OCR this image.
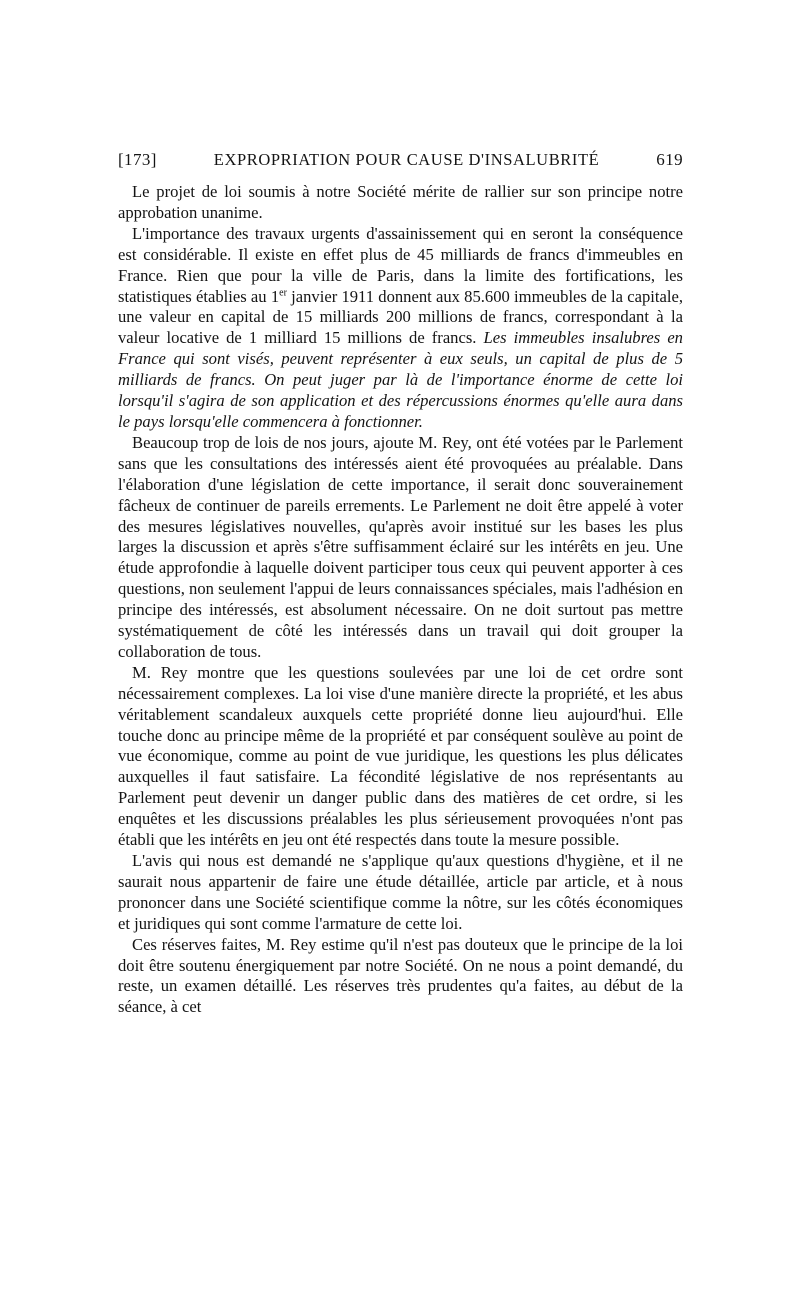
[173]	EXPROPRIATION POUR CAUSE D'INSALUBRITÉ	619

Le projet de loi soumis à notre Société mérite de rallier sur son principe notre approbation unanime.

L'importance des travaux urgents d'assainissement qui en seront la conséquence est considérable. Il existe en effet plus de 45 milliards de francs d'immeubles en France. Rien que pour la ville de Paris, dans la limite des fortifications, les statistiques établies au 1er janvier 1911 donnent aux 85.600 immeubles de la capitale, une valeur en capital de 15 milliards 200 millions de francs, correspondant à la valeur locative de 1 milliard 15 millions de francs. Les immeubles insalubres en France qui sont visés, peuvent représenter à eux seuls, un capital de plus de 5 milliards de francs. On peut juger par là de l'importance énorme de cette loi lorsqu'il s'agira de son application et des répercussions énormes qu'elle aura dans le pays lorsqu'elle commencera à fonctionner.

Beaucoup trop de lois de nos jours, ajoute M. Rey, ont été votées par le Parlement sans que les consultations des intéressés aient été provoquées au préalable. Dans l'élaboration d'une législation de cette importance, il serait donc souverainement fâcheux de continuer de pareils errements. Le Parlement ne doit être appelé à voter des mesures législatives nouvelles, qu'après avoir institué sur les bases les plus larges la discussion et après s'être suffisamment éclairé sur les intérêts en jeu. Une étude approfondie à laquelle doivent participer tous ceux qui peuvent apporter à ces questions, non seulement l'appui de leurs connaissances spéciales, mais l'adhésion en principe des intéressés, est absolument nécessaire. On ne doit surtout pas mettre systématiquement de côté les intéressés dans un travail qui doit grouper la collaboration de tous.

M. Rey montre que les questions soulevées par une loi de cet ordre sont nécessairement complexes. La loi vise d'une manière directe la propriété, et les abus véritablement scandaleux auxquels cette propriété donne lieu aujourd'hui. Elle touche donc au principe même de la propriété et par conséquent soulève au point de vue économique, comme au point de vue juridique, les questions les plus délicates auxquelles il faut satisfaire. La fécondité législative de nos représentants au Parlement peut devenir un danger public dans des matières de cet ordre, si les enquêtes et les discussions préalables les plus sérieusement provoquées n'ont pas établi que les intérêts en jeu ont été respectés dans toute la mesure possible.

L'avis qui nous est demandé ne s'applique qu'aux questions d'hygiène, et il ne saurait nous appartenir de faire une étude détaillée, article par article, et à nous prononcer dans une Société scientifique comme la nôtre, sur les côtés économiques et juridiques qui sont comme l'armature de cette loi.

Ces réserves faites, M. Rey estime qu'il n'est pas douteux que le principe de la loi doit être soutenu énergiquement par notre Société. On ne nous a point demandé, du reste, un examen détaillé. Les réserves très prudentes qu'a faites, au début de la séance, à cet
